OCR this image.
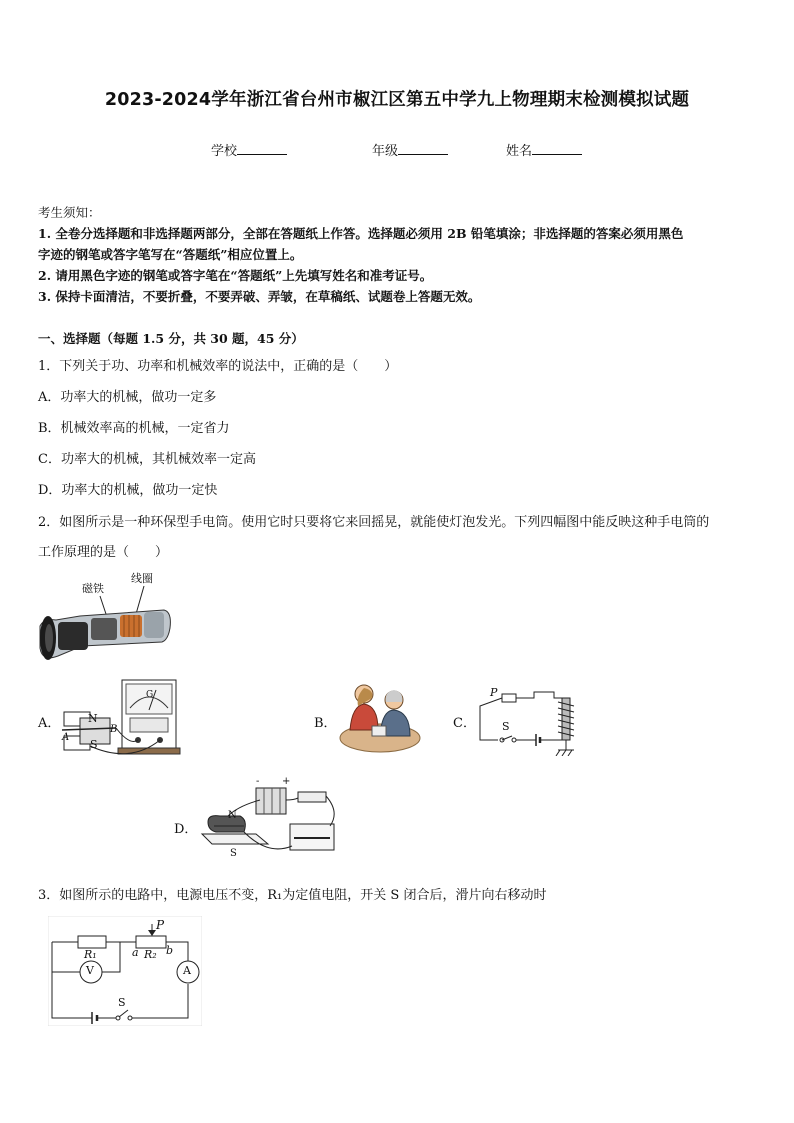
2023-2024学年浙江省台州市椒江区第五中学九上物理期末检测模拟试题
学校	年级	姓名
考生须知：
1. 全卷分选择题和非选择题两部分，全部在答题纸上作答。选择题必须用 2B 铅笔填涂；非选择题的答案必须用黑色
字迹的钢笔或答字笔写在“答题纸”相应位置上。
2. 请用黑色字迹的钢笔或答字笔在“答题纸”上先填写姓名和准考证号。
3. 保持卡面清洁，不要折叠，不要弄破、弄皱，在草稿纸、试题卷上答题无效。
一、选择题（每题 1.5 分，共 30 题，45 分）
1．下列关于功、功率和机械效率的说法中，正确的是（　　）
A．功率大的机械，做功一定多
B．机械效率高的机械，一定省力
C．功率大的机械，其机械效率一定高
D．功率大的机械，做功一定快
2．如图所示是一种环保型手电筒。使用它时只要将它来回摇晃，就能使灯泡发光。下列四幅图中能反映这种手电筒的
工作原理的是（　　）
磁铁
线圈
A．	N
S
A
B
G
B．	C．
P
S
D．
N
S
- +
3．如图所示的电路中，电源电压不变，R₁为定值电阻，开关 S 闭合后，滑片向右移动时
P
R₁	R₂
a b
V	A
S
